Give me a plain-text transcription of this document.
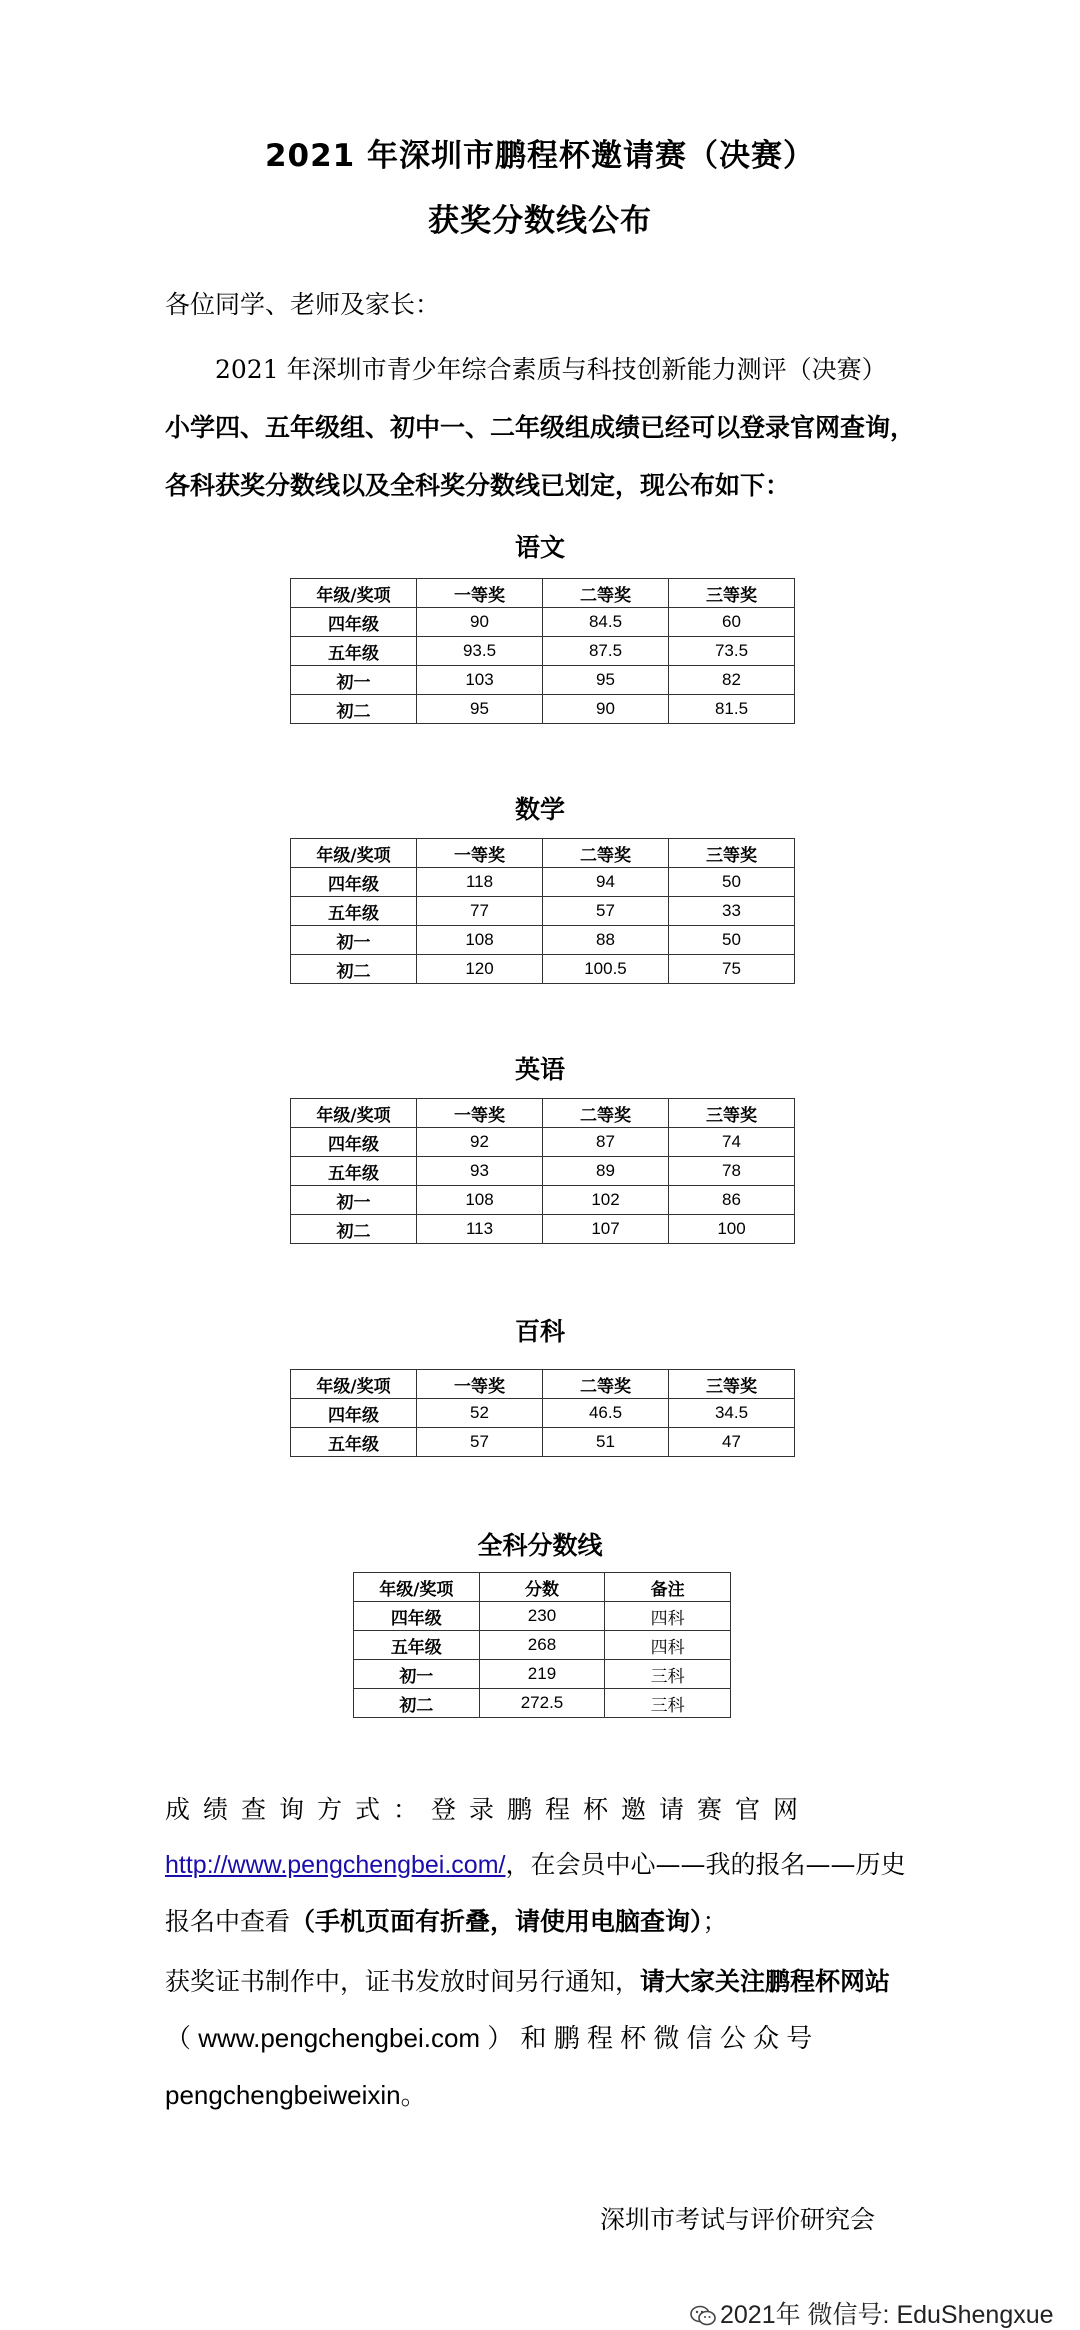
2021 年深圳市鹏程杯邀请赛（决赛）
获奖分数线公布
各位同学、老师及家长：
2021 年深圳市青少年综合素质与科技创新能力测评（决赛）
小学四、五年级组、初中一、二年级组成绩已经可以登录官网查询，
各科获奖分数线以及全科奖分数线已划定，现公布如下：
语文
年级/奖项	一等奖	二等奖	三等奖
四年级	90	84.5	60
五年级	93.5	87.5	73.5
初一	103	95	82
初二	95	90	81.5
数学
年级/奖项	一等奖	二等奖	三等奖
四年级	118	94	50
五年级	77	57	33
初一	108	88	50
初二	120	100.5	75
英语
年级/奖项	一等奖	二等奖	三等奖
四年级	92	87	74
五年级	93	89	78
初一	108	102	86
初二	113	107	100
百科
年级/奖项	一等奖	二等奖	三等奖
四年级	52	46.5	34.5
五年级	57	51	47
全科分数线
年级/奖项	分数	备注
四年级	230	四科
五年级	268	四科
初一	219	三科
初二	272.5	三科
成绩查询方式：登录鹏程杯邀请赛官网
http://www.pengchengbei.com/，在会员中心——我的报名——历史
报名中查看（手机页面有折叠，请使用电脑查询）；
获奖证书制作中，证书发放时间另行通知，请大家关注鹏程杯网站
（ www.pengchengbei.com ） 和 鹏 程 杯 微 信 公 众 号
pengchengbeiweixin。
深圳市考试与评价研究会
2021年 微信号: EduShengxue
